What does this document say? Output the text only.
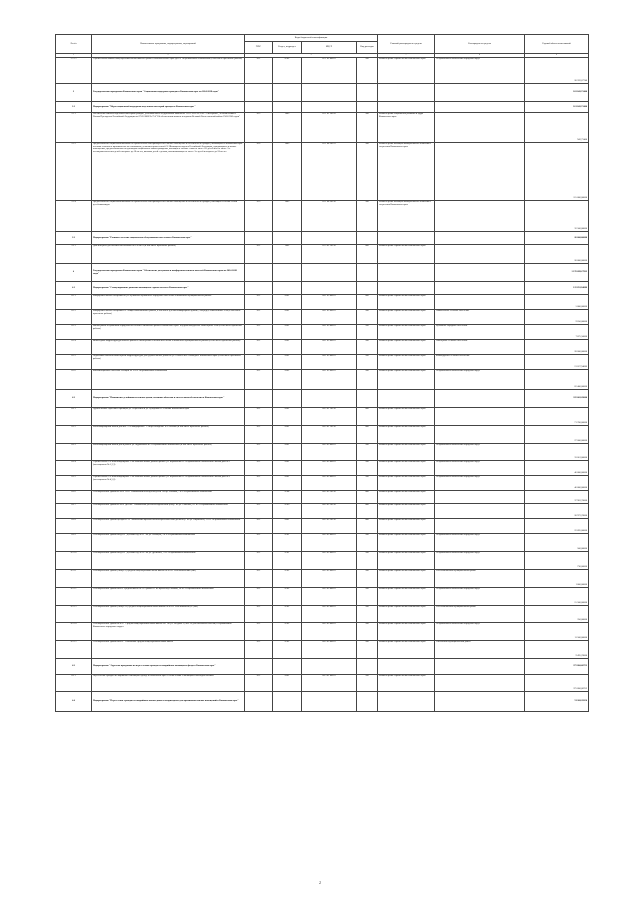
№ п/п	Наименование программы, подпрограммы, мероприятий	Коды бюджетной классификации				Главный распорядитель средств	Распорядитель средств	Годовой объем ассигнований
		ГРБС	Раздел, подраздел	КЦСР	Вид расходов			
1	2	3				7	8	9
2.1.13	Строительство школы общеобразовательной школы в районе Комсомольского проезда в г. Петропавловске-Камчатском (в том числе проектные работы)	812	0702	02 1 02 40070	500	Министерство строительства Камчатского края	Петропавловск-Камчатский городской округ	20 592,07740
3	Государственная программа Камчатского края "Социальная поддержка граждан в Камчатском крае на 2014-2018 годы"							162 842,72400
3.1	Подпрограмма "Меры социальной поддержки отдельных категорий граждан в Камчатском крае"							161 842,72400
3.1.1	Обеспечение жильем отдельных категорий граждан, установленных Федеральным законом от 12.01.1995 № 5-ФЗ "О ветеранах", в соответствии с Указом Президента Российской Федерации от 07.05.2008 № 714 "Об обеспечении жильем ветеранов Великой Отечественной войны 1941-1945 годов"	815	1003	03 1 01 20120	300	Министерство социального развития и труда Камчатского края		942,72400
3.1.2	Предоставление социальной выплаты на строительство или приобретение жилого помещения в собственность граждан, являющихся в Камчатском крае членами сельских в противовесах по основаниям, установленным статьей 51 Жилищного кодекса Российской Федерации, нуждающихся в жилых помещениях, предоставляемых по договорам социального найма гражданам, имеющих в составе семьи не менее 4-х детей или не менее 3-х несовершеннолетних детей в возрасте до 18-ти лет, включая детей с детьми, воспитывающих не менее 3-х детей в возрасте до 18-ти лет	816	1003	03 1 04 20129	300	Министерство жилищно-коммунального хозяйства и энергетики Камчатского края		115 000,00000
3.1.4	Предоставление социальной выплаты на строительство или приобретение жилого помещения в собственность граждан, имеющих в составе семьи детей-инвалидов	819	1003	03 1 04 20130	300	Министерство жилищно-коммунального хозяйства и энергетики Камчатского края		32 500,00000
3.2	Подпрограмма "Развитие системы социального обслуживания населения в Камчатском крае"							20 000,00000
3.2.1	Дом-интернат для психически больных на 250 мест (в том числе проектные работы)	812	1002	03 2 02 10130	400	Министерство строительства Камчатского края		20 000,00000
4	Государственная программа Камчатского края "Обеспечение доступным и комфортным жильем жителей Камчатского края на 2014-2018 годы"							1 178 099,27922
4.1	Подпрограмма "Стимулирование развития жилищного строительства в Камчатском крае"							135 852,94086
4.1.1	Микрорайон жилой застройки по ул. Вулканной Вулканного городского поселения Елизовского муниципального района	812	0501	04 1 03 40070	400	Министерство строительства Камчатского края		5 000,00000
4.1.2	Микрорайон жилой застройки в с. Ловцы Вилючинского района, в том числе для многоквартирных домов (2 очередь): Николаевское сель (в том числе проектные работы)	812	0501	04 1 03 40070	500	Министерство строительства Камчатского края	Николаевское сельское поселение	9 650,00000
4.1.3	Жилой район в Вулканном городском поселении Елизовского района Камчатского края. Внутриплощадочные инженерные сети (в том числе проектные работы)	812	0501	04 1 03 40070	500	Министерство строительства Камчатского края	Вулканное городское поселение	7 075,50000
4.1.4	Инженерная инфраструктура жилого района в Пионерском сельском поселении Елизовского муниципального района (в том числе проектные работы)	812	0501	04 1 03 40070	500	Министерство строительства Камчатского края	Пионерское сельское поселение	28 600,00000
4.1.5	Подготовка объектов инженерной инфраструктуры для группы жилых домов по ул. Новой в пос. Командное Камчатского края (в том числе проектные работы)	812	0501	04 1 03 40070	500	Министерство строительства Камчатского края	Командорское сельское поселение	21 627,94086
4.1.6	Канализационные насосные станции № 15 в г. Петропавловске-Камчатском	812	0502	04 1 03 40070	500	Министерство строительства Камчатского края	Петропавловск-Камчатский городской округ	62 400,00000
4.2	Подпрограмма "Повышение устойчивости жилых домов, основных объектов и систем жизнеобеспечения в Камчатском крае"							335 002,28000
4.2.1	Группа жилых строений в границах ул. Старостина и ул. Хуторская в г. Елизово Камчатского края	812	0501	04 2 01 10130	400	Министерство строительства Камчатского края		71 700,00000
4.2.2	Многоквартирный жилой дом поз. 15 в микрорайоне "Северо-Западный" в г. Елизово (в том числе проектные работы)	812	0501	04 2 01 10130	400	Министерство строительства Камчатского края		27 600,00000
4.2.3	Многоквартирный жилой дом в районе ул. Журавлиная в г. Петропавловске-Камчатском (в том числе проектные работы)	812	0501	04 2 03 40070	500	Министерство строительства Камчатского края	Петропавловск-Камчатский городской округ	33 601,00000
4.2.4	Строительство 2-х многоквартирных 5-ти этажных жилых домов в районе ул. Карбышева в г. Петропавловске-Камчатском. Жилой дом № 1 (посекционно № 1,2,3)	812	0501	04 2 03 40070	500	Министерство строительства Камчатского края	Петропавловск-Камчатский городской округ	46 000,00000
4.2.5	Строительство 2-х многоквартирных 5-ти этажных жилых домов в районе ул. Карбышева в г. Петропавловске-Камчатском. Жилой дом № 2 (посекционно № 4,5,6)	812	0501	04 2 03 40070	500	Министерство строительства Камчатского края	Петропавловск-Камчатский городской округ	46 000,00000
4.2.6	Сейсмоусиление здания КГБОУ СПО "Камчатский колледж искусств" по пр. Рыбаков, 7 в г. Петропавловске-Камчатский	812	0704	04 2 03 10130	400	Министерство строительства Камчатского края		37 962,70000
4.2.7	Сейсмоусиление здания КГБОУ ДПОВС "Камчатский учебно-методический центр" по ул. Савченко, 6/1 в г. Петропавловске-Камчатском	812	0709	04 2 03 10130	400	Министерство строительства Камчатского края		20 972,29000
4.2.8	Сейсмоусиление зданий центра КГУЗ "Камчатский краевой психоневрологический диспансер" по ул. Кирпичной, 22 в г. Петропавловске-Камчатском	812	0901	04 2 03 10130	400	Министерство строительства Камчатского края		22 095,00000
4.2.9	Сейсмоусиление здания МБДОУ "Детский сад № 51" по ул. Пальцева, 5 в г. Петропавловск-Камчатском	812	0701	04 2 03 40070	500	Министерство строительства Камчатского края	Петропавловск-Камчатский городской округ	500,00000
4.2.10	Сейсмоусиление здания МБДОУ "Детский сад № 20" по ул. Дрейбина, 7 в г. Петропавловск-Камчатском	812	0701	04 2 03 40070	500	Министерство строительства Камчатского края	Петропавловск-Камчатский городской округ	730,00000
4.2.11	Сейсмоусиление здания (Литер А) средней общеобразовательной школы № 4 в п. Усть-Камчатский (лит)	812	0702	04 2 03 40070	500	Министерство строительства Камчатского края	Усть-Камчатский муниципальный район	1 000,00000
4.2.12	Сейсмоусиление здания МБОУ средняя школа № 33 с.рбыки 21 по проспекту Рыбаков, 28 в г. Петропавловске-Камчатском	812	0702	04 2 03 40070	500	Министерство строительства Камчатского края	Петропавловск-Камчатский городской округ	15 500,00000
4.2.13	Сейсмоусиление здания (Литер А3) средней общеобразовательной школы № 4 в п. Усть-Камчатск (п. (лит)	812	0702	04 2 03 40070	500	Министерство строительства Камчатского края	Усть-Камчатский муниципальный район	350,00000
4.2.14	Сейсмоусиление здания МАОУ "Средняя общеобразовательная школа №3" по ул. Звездная 9 (лит. 28 для начальных классов) Петропавловск-Камчатского городского округа	812	0702	04 2 03 40070	500	Министерство строительства Камчатского края	Петропавловск-Камчатский городской округ	11 500,00000
4.2.15	Сейсмоусиление здания МБОУ "Тигильская средняя общеобразовательная школа"	812	0702	04 2 03 40070	500	Министерство строительства Камчатского края	Тигильский муниципальный район	9 495,29000
4.3	Подпрограмма "Адресная программа по переселению граждан из аварийного жилищного фонда в Камчатском крае"							375 860,08752
4.3.1	Переселение граждан из аварийного жилищного фонда в Камчатском крае в соответствии с жилищным законодательством	812	0501	04 3 01 40070	500	Министерство строительства Камчатского края		375 860,08752
4.4	Подпрограмма "Переселение граждан из аварийных жилых домов и непригодных для проживания жилых помещений в Камчатском крае"							74 368,39250
2
